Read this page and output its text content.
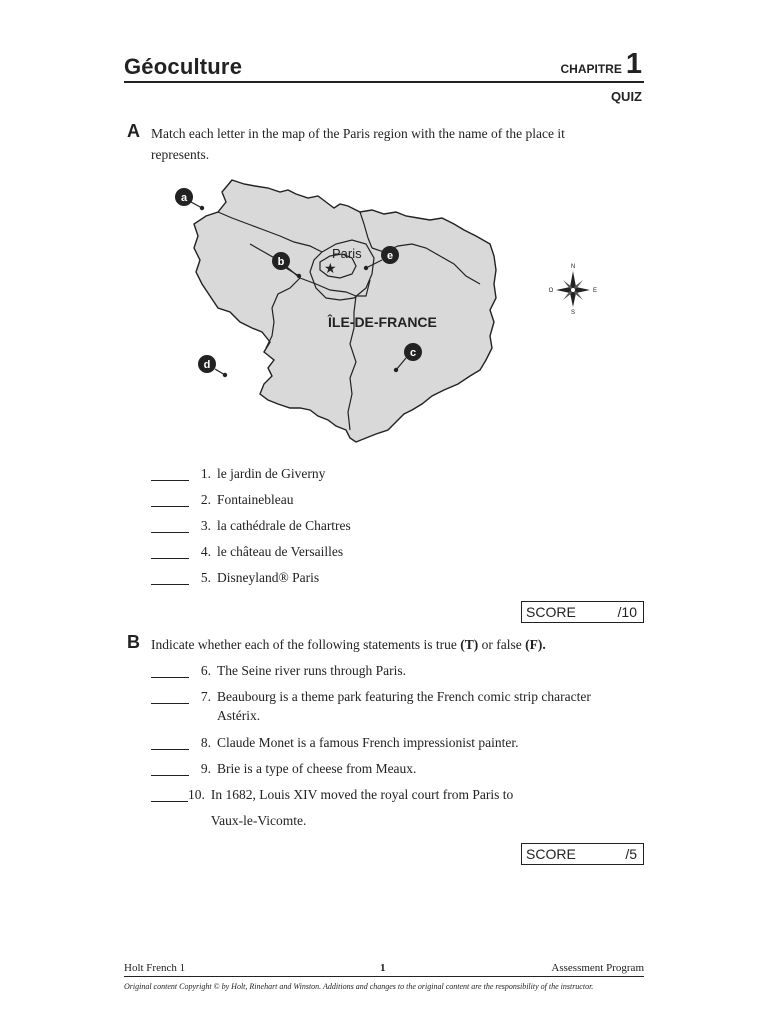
Géoculture	CHAPITRE 1
QUIZ
A Match each letter in the map of the Paris region with the name of the place it
represents.
Paris
★
ÎLE-DE-FRANCE
a
b	e
c
d
N
S
O	E
1. le jardin de Giverny
2. Fontainebleau
3. la cathédrale de Chartres
4. le château de Versailles
5. Disneyland® Paris
SCORE	/10
B Indicate whether each of the following statements is true (T) or false (F).
6. The Seine river runs through Paris.
7. Beaubourg is a theme park featuring the French comic strip character
Astérix.
8. Claude Monet is a famous French impressionist painter.
9. Brie is a type of cheese from Meaux.
10. In 1682, Louis XIV moved the royal court from Paris to
Vaux-le-Vicomte.
SCORE	/5
Holt French 1	1	Assessment Program
Original content Copyright © by Holt, Rinehart and Winston. Additions and changes to the original content are the responsibility of the instructor.
